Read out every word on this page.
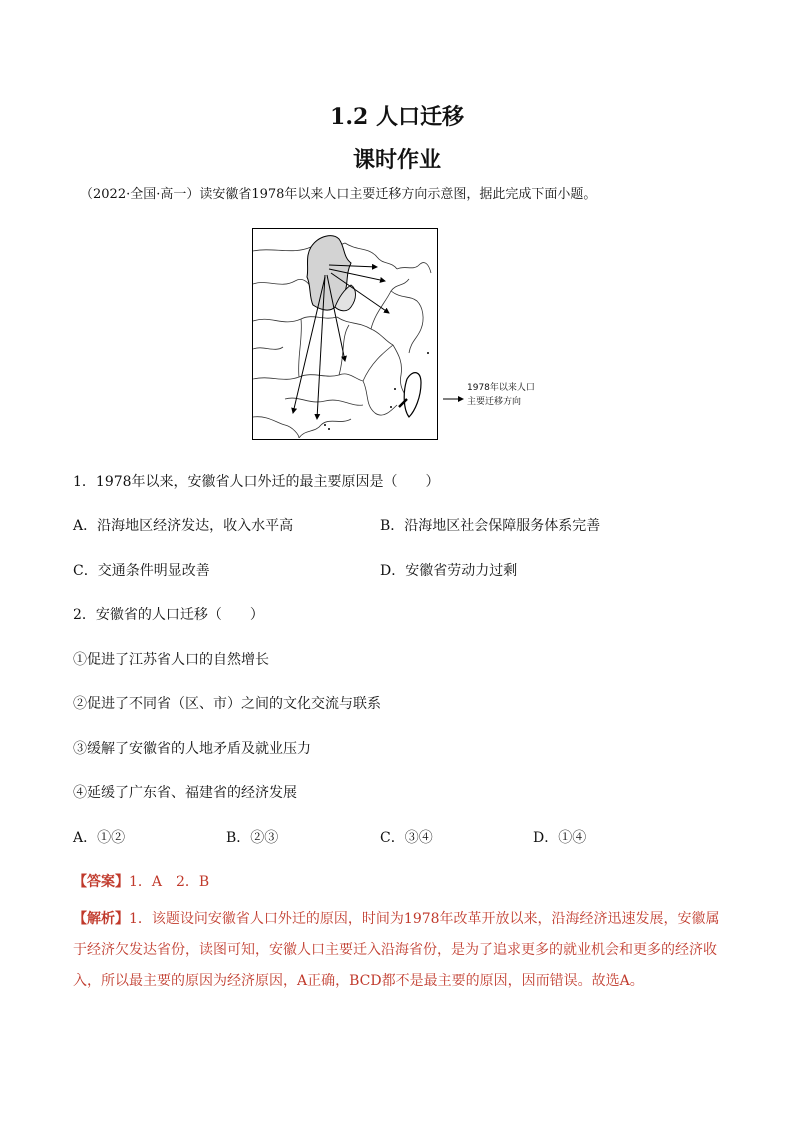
1.2 人口迁移
课时作业
（2022·全国·高一）读安徽省1978年以来人口主要迁移方向示意图，据此完成下面小题。
1978年以来人口
主要迁移方向
1．1978年以来，安徽省人口外迁的最主要原因是（　　）
A．沿海地区经济发达，收入水平高	B．沿海地区社会保障服务体系完善
C．交通条件明显改善	D．安徽省劳动力过剩
2．安徽省的人口迁移（　　）
①促进了江苏省人口的自然增长
②促进了不同省（区、市）之间的文化交流与联系
③缓解了安徽省的人地矛盾及就业压力
④延缓了广东省、福建省的经济发展
A．①②	B．②③	C．③④	D．①④
【答案】1．A　2．B
【解析】1．该题设问安徽省人口外迁的原因，时间为1978年改革开放以来，沿海经济迅速发展，安徽属于经济欠发达省份，读图可知，安徽人口主要迁入沿海省份，是为了追求更多的就业机会和更多的经济收入，所以最主要的原因为经济原因，A正确，BCD都不是最主要的原因，因而错误。故选A。
